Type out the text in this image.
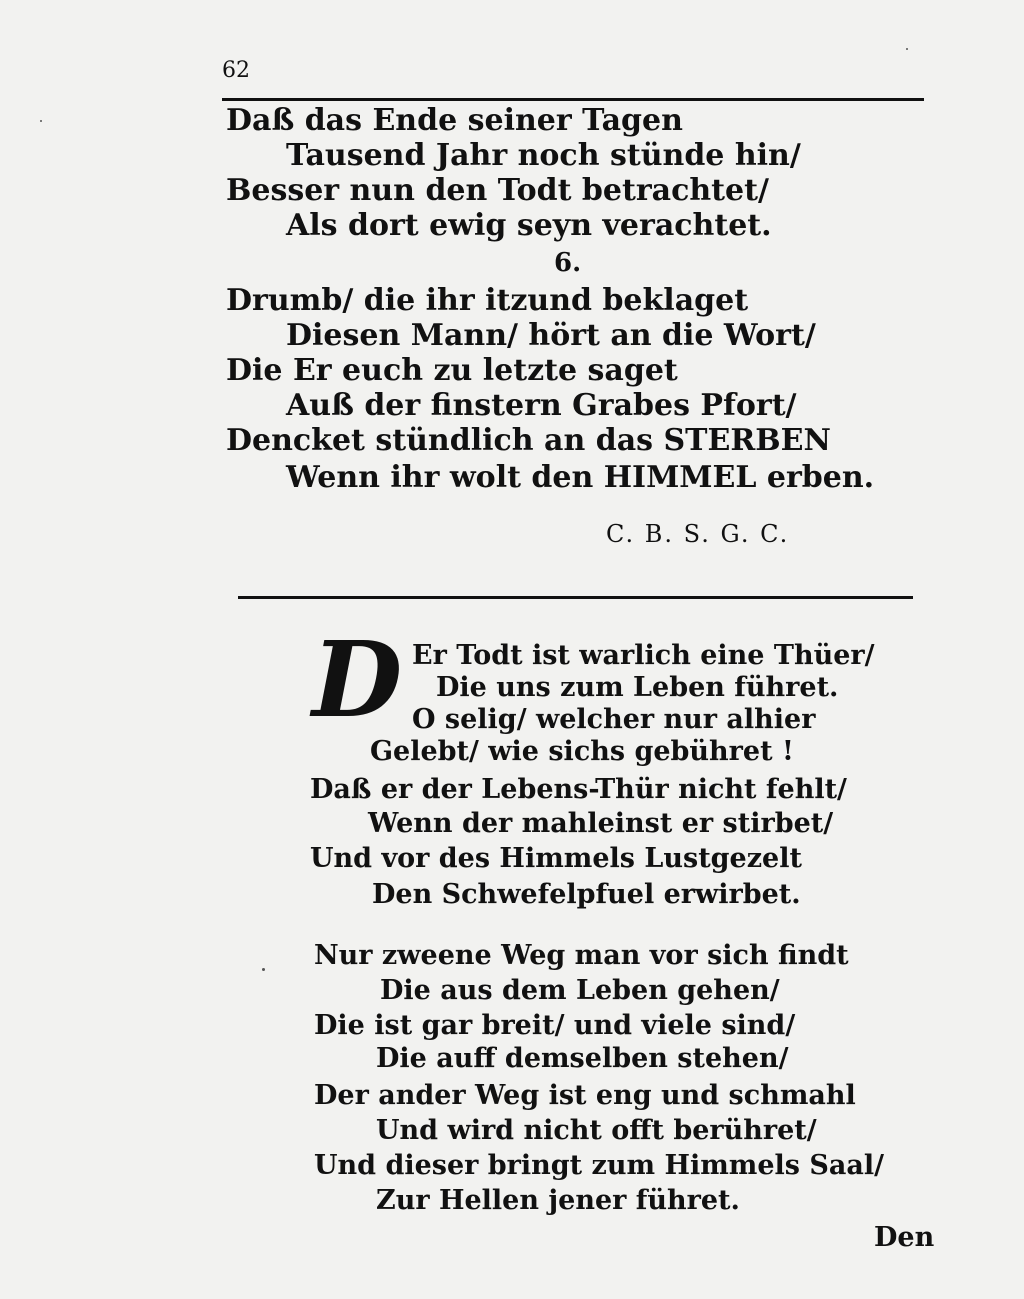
62
Daß das Ende seiner Tagen
Tausend Jahr noch stünde hin/
Besser nun den Todt betrachtet/
Als dort ewig seyn verachtet.
6.
Drumb/ die ihr itzund beklaget
Diesen Mann/ hört an die Wort/
Die Er euch zu letzte saget
Auß der finstern Grabes Pfort/
Dencket stündlich an das STERBEN
Wenn ihr wolt den HIMMEL erben.
C. B. S. G. C.
D Er Todt ist warlich eine Thüer/
Die uns zum Leben führet.
O selig/ welcher nur alhier
Gelebt/ wie sichs gebühret !
Daß er der Lebens-Thür nicht fehlt/
Wenn der mahleinst er stirbet/
Und vor des Himmels Lustgezelt
Den Schwefelpfuel erwirbet.
Nur zweene Weg man vor sich findt
Die aus dem Leben gehen/
Die ist gar breit/ und viele sind/
Die auff demselben stehen/
Der ander Weg ist eng und schmahl
Und wird nicht offt berühret/
Und dieser bringt zum Himmels Saal/
Zur Hellen jener führet.
Den
